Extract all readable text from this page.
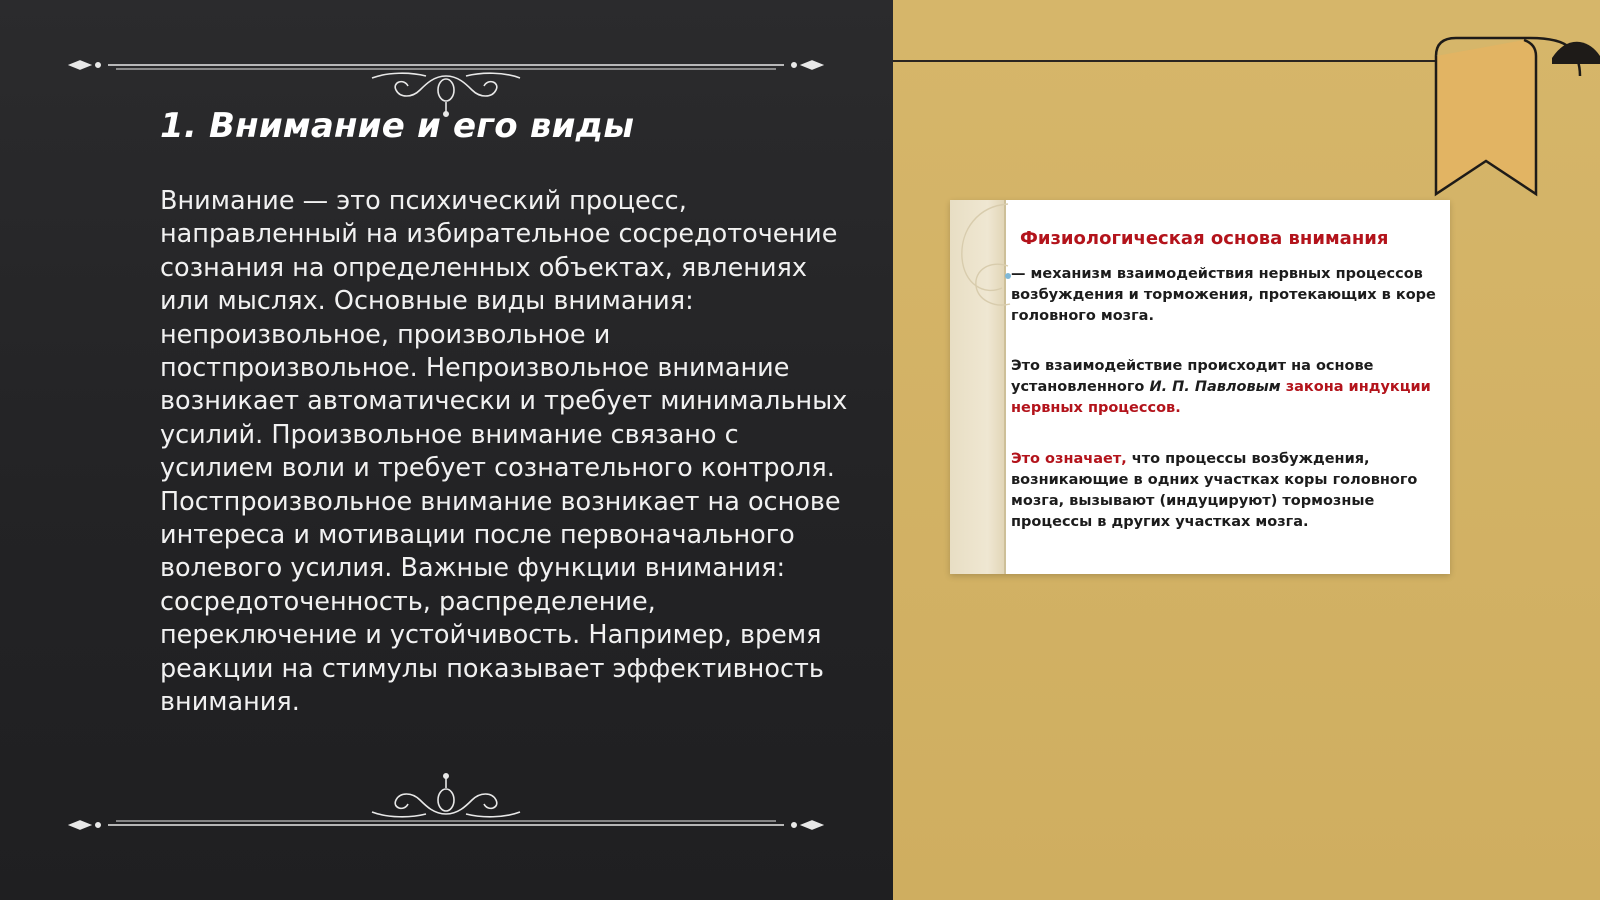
1. Внимание и его виды

Внимание — это психический процесс, направленный на избирательное сосредоточение сознания на определенных объектах, явлениях или мыслях. Основные виды внимания: непроизвольное, произвольное и постпроизвольное. Непроизвольное внимание возникает автоматически и требует минимальных усилий. Произвольное внимание связано с усилием воли и требует сознательного контроля. Постпроизвольное внимание возникает на основе интереса и мотивации после первоначального волевого усилия. Важные функции внимания: сосредоточенность, распределение, переключение и устойчивость. Например, время реакции на стимулы показывает эффективность внимания.

Физиологическая основа внимания

— механизм взаимодействия нервных процессов возбуждения и торможения, протекающих в коре головного мозга.

Это взаимодействие происходит на основе установленного И. П. Павловым закона индукции нервных процессов.

Это означает, что процессы возбуждения, возникающие в одних участках коры головного мозга, вызывают (индуцируют) тормозные процессы в других участках мозга.
